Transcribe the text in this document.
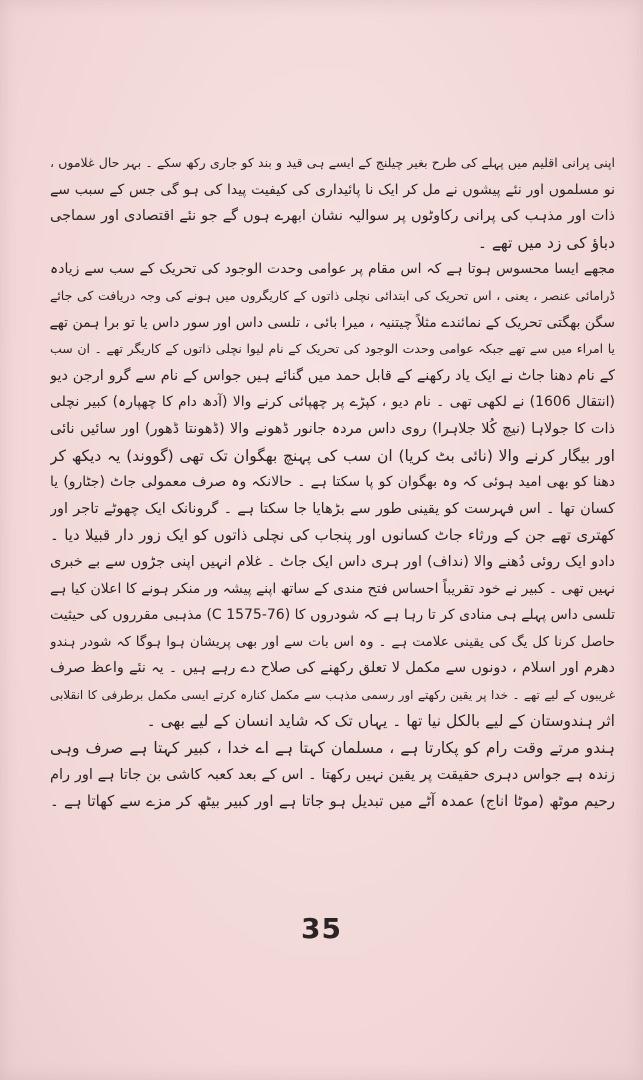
اپنی پرانی اقلیم میں پہلے کی طرح بغیر چیلنج کے ایسے ہی قید و بند کو جاری رکھ سکے ۔ بہر حال غلاموں ،
نو مسلموں اور نئے پیشوں نے مل کر ایک نا پائیداری کی کیفیت پیدا کی ہو گی جس کے سبب سے
ذات اور مذہب کی پرانی رکاوٹوں پر سوالیہ نشان ابھرے ہوں گے جو نئے اقتصادی اور سماجی
دباؤ کی زد میں تھے ۔
مجھے ایسا محسوس ہوتا ہے کہ اس مقام پر عوامی وحدت الوجود کی تحریک کے سب سے زیادہ
ڈرامائی عنصر ، یعنی ، اس تحریک کی ابتدائی نچلی ذاتوں کے کاریگروں میں ہونے کی وجہ دریافت کی جائے
سگن بھگتی تحریک کے نمائندے مثلاً چیتنیہ ، میرا بائی ، تلسی داس اور سور داس یا تو برا ہمن تھے
یا امراء میں سے تھے جبکہ عوامی وحدت الوجود کی تحریک کے نام لیوا نچلی ذاتوں کے کاریگر تھے ۔ ان سب
کے نام دھنا جاٹ نے ایک یاد رکھنے کے قابل حمد میں گنائے ہیں جواس کے نام سے گرو ارجن دیو
(انتقال 1606) نے لکھی تھی ۔ نام دیو ، کپڑے پر چھپائی کرنے والا (آدھ دام کا چھپارہ) کبیر نچلی
ذات کا جولاہا (نیچ کُلا جلاہرا) روی داس مردہ جانور ڈھونے والا (ڈھونتا ڈھور) اور سائیں نائی
اور بیگار کرنے والا (نائی بٹ کریا) ان سب کی پہنچ بھگوان تک تھی (گووند) یہ دیکھ کر
دھنا کو بھی امید ہوئی کہ وہ بھگوان کو پا سکتا ہے ۔ حالانکہ وہ صرف معمولی جاٹ (جٹارو) یا
کسان تھا ۔ اس فہرست کو یقینی طور سے بڑھایا جا سکتا ہے ۔ گرونانک ایک چھوٹے تاجر اور
کھتری تھے جن کے ورثاء جاٹ کسانوں اور پنجاب کی نچلی ذاتوں کو ایک زور دار قبیلا دیا ۔
دادو ایک روئی دُھنے والا (نداف) اور ہری داس ایک جاٹ ۔ غلام انہیں اپنی جڑوں سے بے خبری
نہیں تھی ۔ کبیر نے خود تقریباً احساس فتح مندی کے ساتھ اپنے پیشہ ور منکر ہونے کا اعلان کیا ہے
تلسی داس پہلے ہی منادی کر تا رہا ہے کہ شودروں کا (C 1575-76) مذہبی مقرروں کی حیثیت
حاصل کرنا کل یگ کی یقینی علامت ہے ۔ وہ اس بات سے اور بھی پریشان ہوا ہوگا کہ شودر ہندو
دھرم اور اسلام ، دونوں سے مکمل لا تعلق رکھنے کی صلاح دے رہے ہیں ۔ یہ نئے واعظ صرف
غریبوں کے لیے تھے ۔ خدا پر یقین رکھتے اور رسمی مذہب سے مکمل کنارہ کرتے ایسی مکمل برطرفی کا انقلابی
اثر ہندوستان کے لیے بالکل نیا تھا ۔ یہاں تک کہ شاید انسان کے لیے بھی ۔
ہندو مرتے وقت رام کو پکارتا ہے ، مسلمان کہتا ہے اے خدا ، کبیر کہتا ہے صرف وہی
زندہ ہے جواس دہری حقیقت پر یقین نہیں رکھتا ۔ اس کے بعد کعبہ کاشی بن جاتا ہے اور رام
رحیم موٹھ (موٹا اناج) عمدہ آٹے میں تبدیل ہو جاتا ہے اور کبیر بیٹھ کر مزے سے کھاتا ہے ۔
35
